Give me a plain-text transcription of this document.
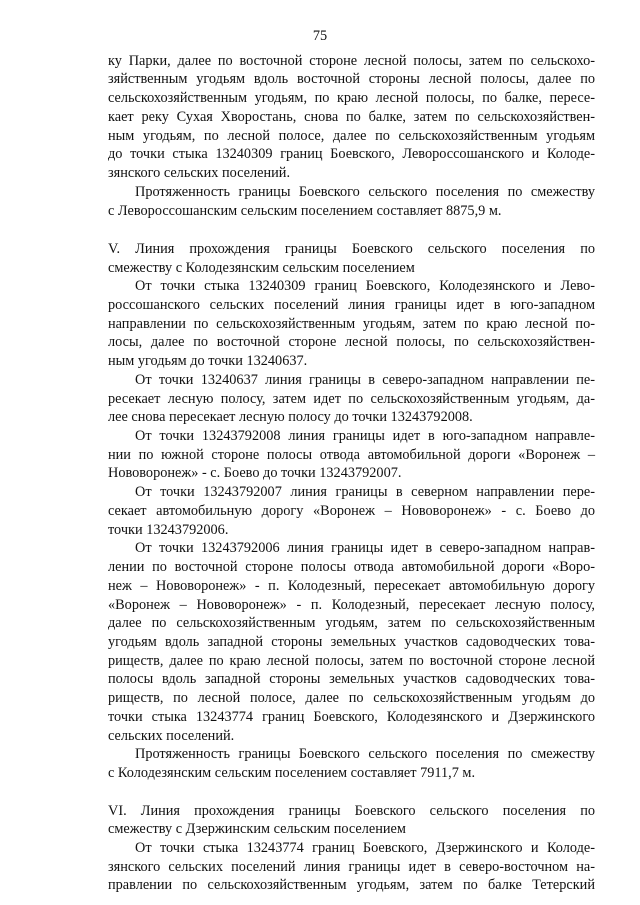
75
ку Парки, далее по восточной стороне лесной полосы, затем по сельскохо-
зяйственным угодьям вдоль восточной стороны лесной полосы, далее по
сельскохозяйственным угодьям, по краю лесной полосы, по балке, пересе-
кает реку Сухая Хворостань, снова по балке, затем по сельскохозяйствен-
ным угодьям, по лесной полосе, далее по сельскохозяйственным угодьям
до точки стыка 13240309 границ Боевского, Левороссошанского и Колоде-
зянского сельских поселений.
Протяженность границы Боевского сельского поселения по смежеству
с Левороссошанским сельским поселением составляет 8875,9 м.
V. Линия прохождения границы Боевского сельского поселения по
смежеству с Колодезянским сельским поселением
От точки стыка 13240309 границ Боевского, Колодезянского и Лево-
россошанского сельских поселений линия границы идет в юго-западном
направлении по сельскохозяйственным угодьям, затем по краю лесной по-
лосы, далее по восточной стороне лесной полосы, по сельскохозяйствен-
ным угодьям до точки 13240637.
От точки 13240637 линия границы в северо-западном направлении пе-
ресекает лесную полосу, затем идет по сельскохозяйственным угодьям, да-
лее снова пересекает лесную полосу до точки 13243792008.
От точки 13243792008 линия границы идет в юго-западном направле-
нии по южной стороне полосы отвода автомобильной дороги «Воронеж –
Нововоронеж» - с. Боево до точки 13243792007.
От точки 13243792007 линия границы в северном направлении пере-
секает автомобильную дорогу «Воронеж – Нововоронеж» - с. Боево до
точки 13243792006.
От точки 13243792006 линия границы идет в северо-западном направ-
лении по восточной стороне полосы отвода автомобильной дороги «Воро-
неж – Нововоронеж» - п. Колодезный, пересекает автомобильную дорогу
«Воронеж – Нововоронеж» - п. Колодезный, пересекает лесную полосу,
далее по сельскохозяйственным угодьям, затем по сельскохозяйственным
угодьям вдоль западной стороны земельных участков садоводческих това-
риществ, далее по краю лесной полосы, затем по восточной стороне лесной
полосы вдоль западной стороны земельных участков садоводческих това-
риществ, по лесной полосе, далее по сельскохозяйственным угодьям до
точки стыка 13243774 границ Боевского, Колодезянского и Дзержинского
сельских поселений.
Протяженность границы Боевского сельского поселения по смежеству
с Колодезянским сельским поселением составляет 7911,7 м.
VI. Линия прохождения границы Боевского сельского поселения по
смежеству с Дзержинским сельским поселением
От точки стыка 13243774 границ Боевского, Дзержинского и Колоде-
зянского сельских поселений линия границы идет в северо-восточном на-
правлении по сельскохозяйственным угодьям, затем по балке Тетерский
